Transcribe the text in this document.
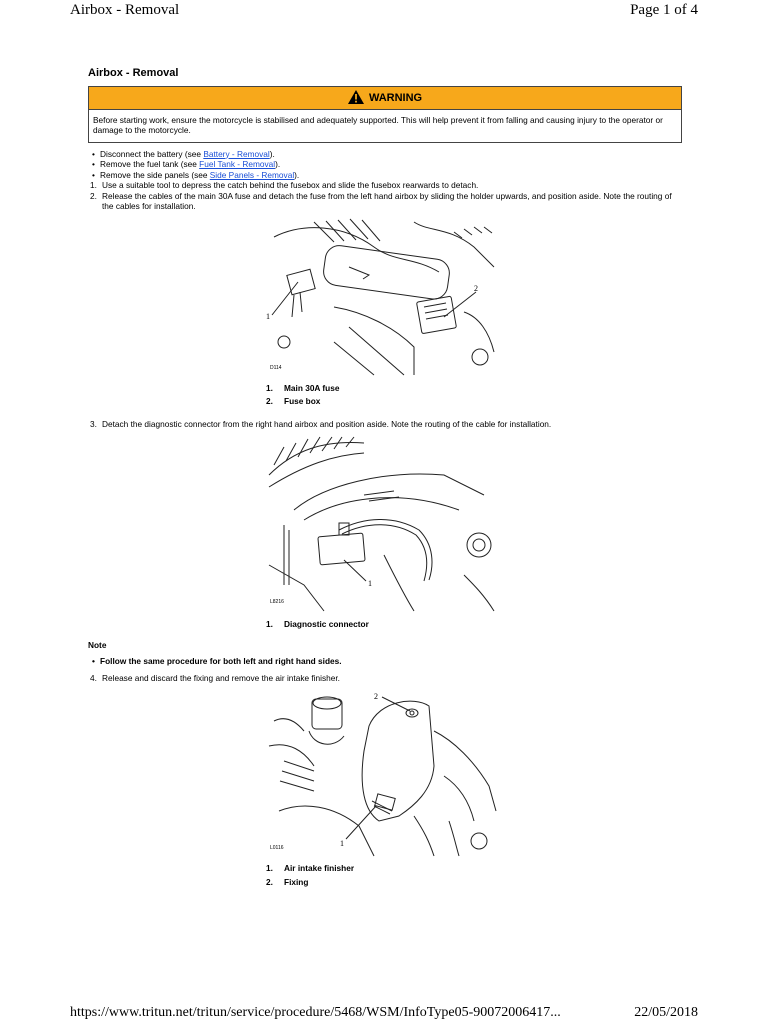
Airbox - Removal	Page 1 of 4
Airbox - Removal
WARNING
Before starting work, ensure the motorcycle is stabilised and adequately supported. This will help prevent it from falling and causing injury to the operator or damage to the motorcycle.
• Disconnect the battery (see Battery - Removal).
• Remove the fuel tank (see Fuel Tank - Removal).
• Remove the side panels (see Side Panels - Removal).
1. Use a suitable tool to depress the catch behind the fusebox and slide the fusebox rearwards to detach.
2. Release the cables of the main 30A fuse and detach the fuse from the left hand airbox by sliding the holder upwards, and position aside. Note the routing of the cables for installation.
1
2
D114
1. Main 30A fuse
2. Fuse box
3. Detach the diagnostic connector from the right hand airbox and position aside. Note the routing of the cable for installation.
1
L8216
1. Diagnostic connector
Note
• Follow the same procedure for both left and right hand sides.
4. Release and discard the fixing and remove the air intake finisher.
1
2
L0116
1. Air intake finisher
2. Fixing
https://www.tritun.net/tritun/service/procedure/5468/WSM/InfoType05-90072006417...	22/05/2018
